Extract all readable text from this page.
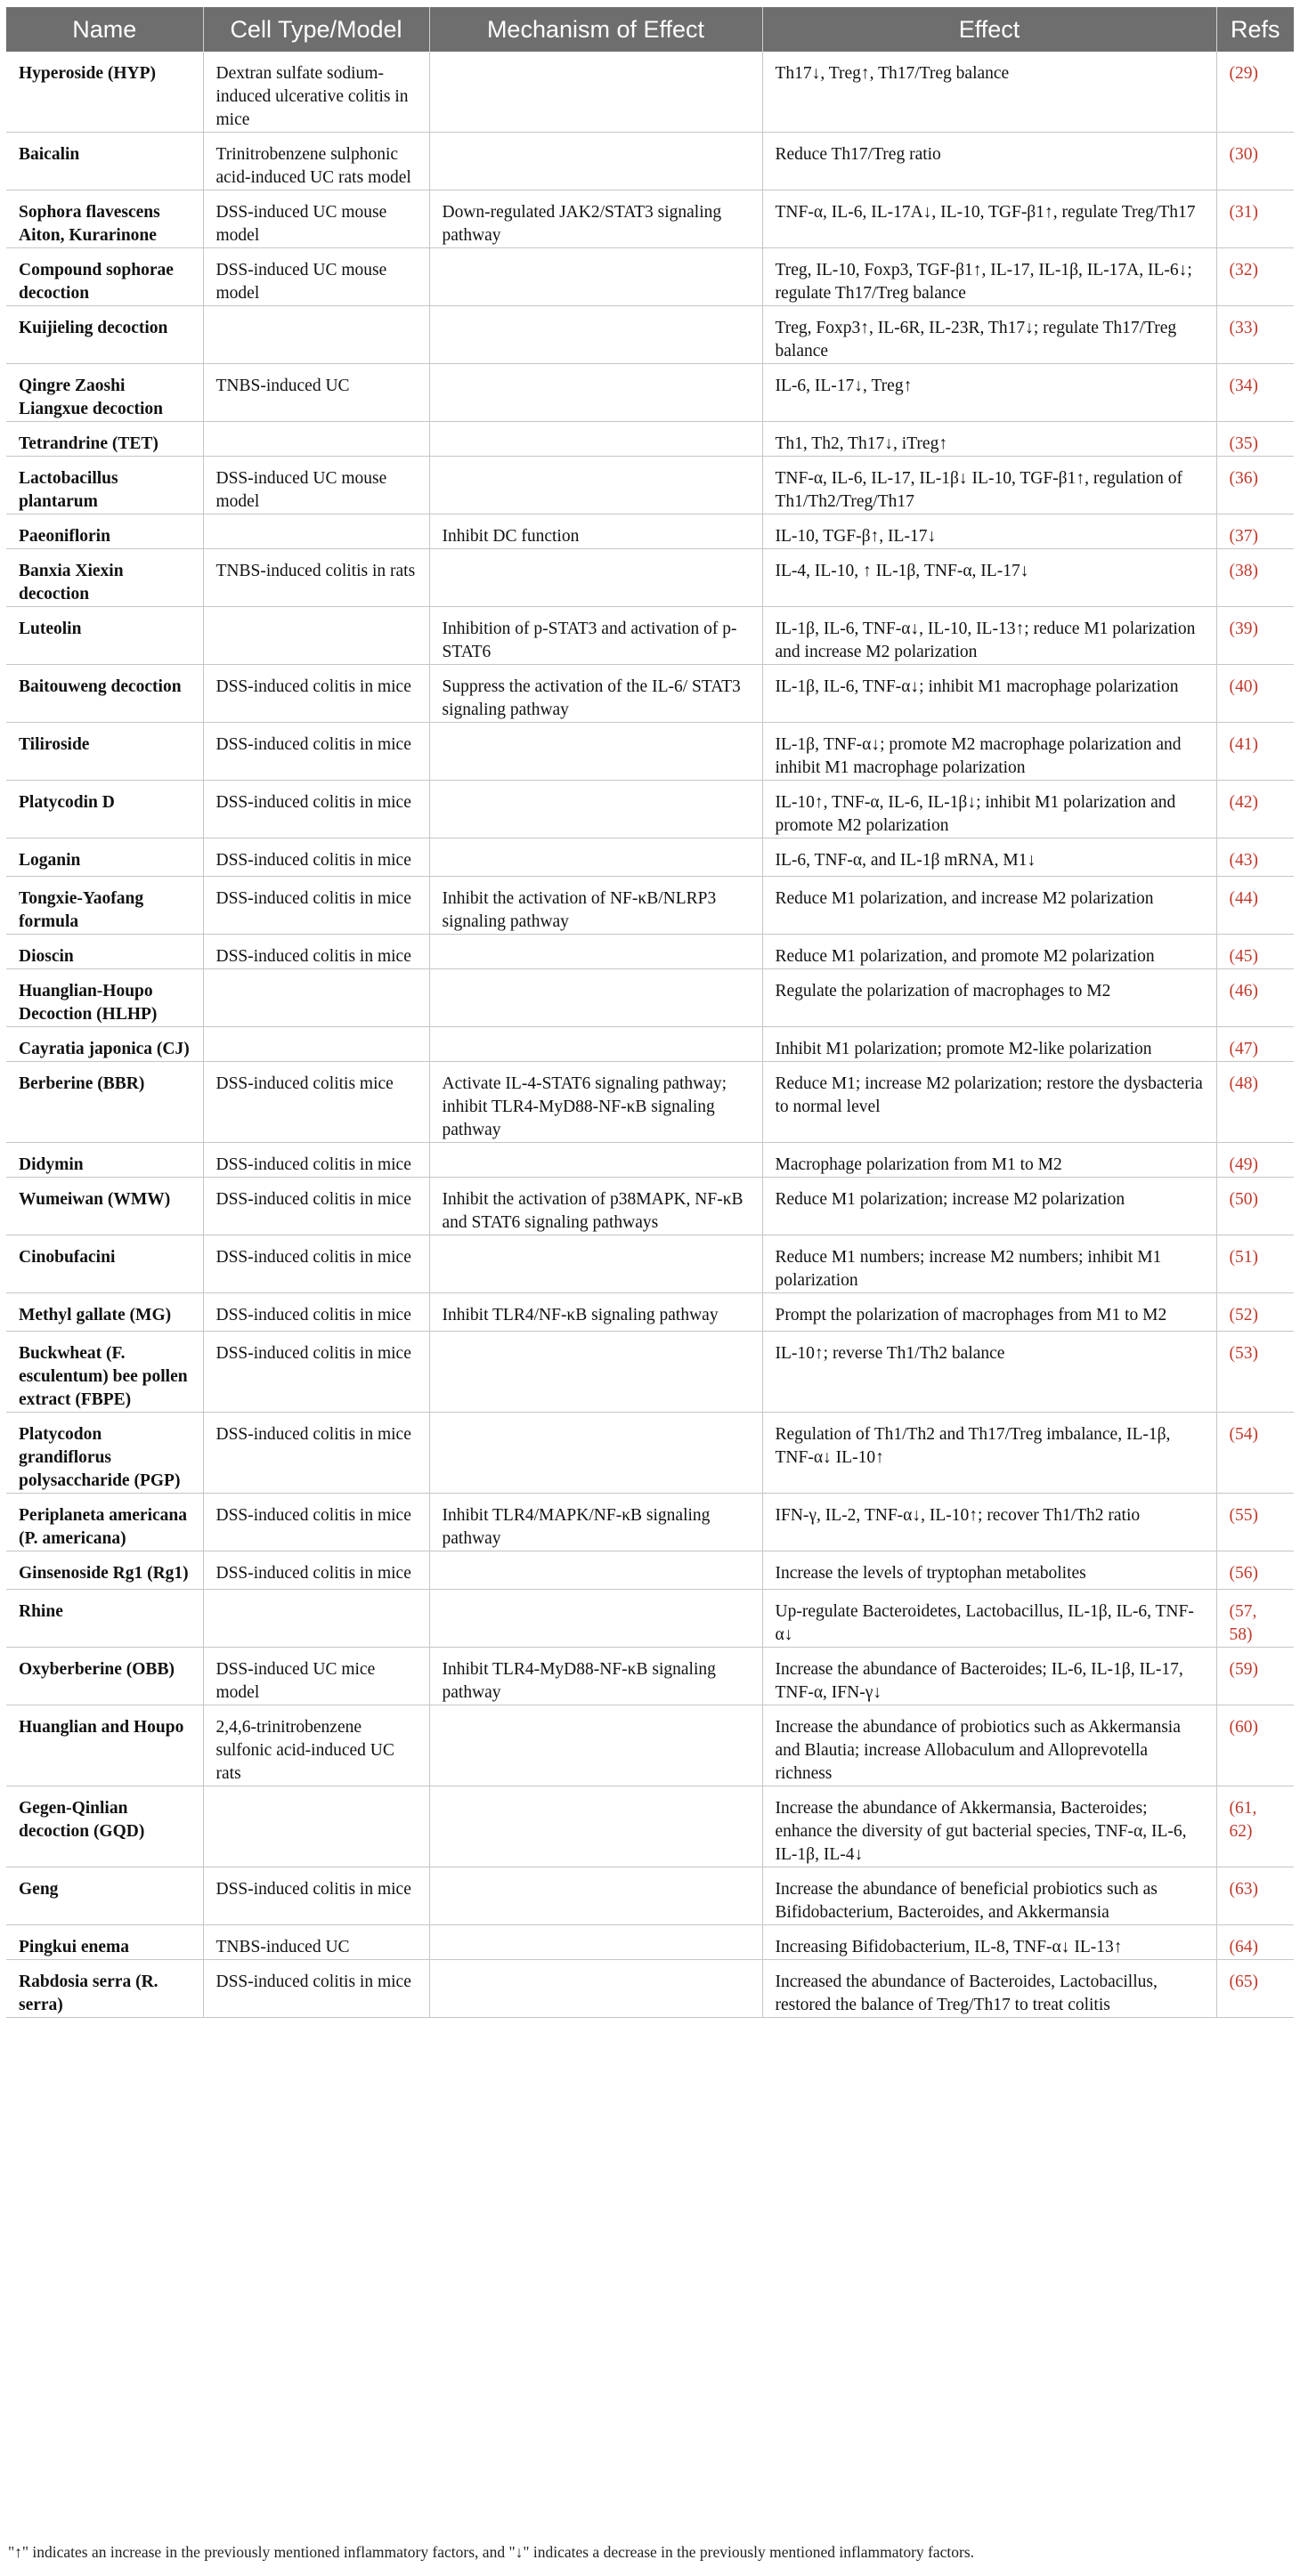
Name	Cell Type/Model	Mechanism of Effect	Effect	Refs
Hyperoside (HYP)	Dextran sulfate sodium-induced ulcerative colitis in mice		Th17↓, Treg↑, Th17/Treg balance	(29)
Baicalin	Trinitrobenzene sulphonic acid-induced UC rats model		Reduce Th17/Treg ratio	(30)
Sophora flavescens Aiton, Kurarinone	DSS-induced UC mouse model	Down-regulated JAK2/STAT3 signaling pathway	TNF-α, IL-6, IL-17A↓, IL-10, TGF-β1↑, regulate Treg/Th17	(31)
Compound sophorae decoction	DSS-induced UC mouse model		Treg, IL-10, Foxp3, TGF-β1↑, IL-17, IL-1β, IL-17A, IL-6↓; regulate Th17/Treg balance	(32)
Kuijieling decoction			Treg, Foxp3↑, IL-6R, IL-23R, Th17↓; regulate Th17/Treg balance	(33)
Qingre Zaoshi Liangxue decoction	TNBS-induced UC		IL-6, IL-17↓, Treg↑	(34)
Tetrandrine (TET)			Th1, Th2, Th17↓, iTreg↑	(35)
Lactobacillus plantarum	DSS-induced UC mouse model		TNF-α, IL-6, IL-17, IL-1β↓ IL-10, TGF-β1↑, regulation of Th1/Th2/Treg/Th17	(36)
Paeoniflorin		Inhibit DC function	IL-10, TGF-β↑, IL-17↓	(37)
Banxia Xiexin decoction	TNBS-induced colitis in rats		IL-4, IL-10, ↑ IL-1β, TNF-α, IL-17↓	(38)
Luteolin		Inhibition of p-STAT3 and activation of p-STAT6	IL-1β, IL-6, TNF-α↓, IL-10, IL-13↑; reduce M1 polarization and increase M2 polarization	(39)
Baitouweng decoction	DSS-induced colitis in mice	Suppress the activation of the IL-6/ STAT3 signaling pathway	IL-1β, IL-6, TNF-α↓; inhibit M1 macrophage polarization	(40)
Tiliroside	DSS-induced colitis in mice		IL-1β, TNF-α↓; promote M2 macrophage polarization and inhibit M1 macrophage polarization	(41)
Platycodin D	DSS-induced colitis in mice		IL-10↑, TNF-α, IL-6, IL-1β↓; inhibit M1 polarization and promote M2 polarization	(42)
Loganin	DSS-induced colitis in mice		IL-6, TNF-α, and IL-1β mRNA, M1↓	(43)
Tongxie-Yaofang formula	DSS-induced colitis in mice	Inhibit the activation of NF-κB/NLRP3 signaling pathway	Reduce M1 polarization, and increase M2 polarization	(44)
Dioscin	DSS-induced colitis in mice		Reduce M1 polarization, and promote M2 polarization	(45)
Huanglian-Houpo Decoction (HLHP)			Regulate the polarization of macrophages to M2	(46)
Cayratia japonica (CJ)			Inhibit M1 polarization; promote M2-like polarization	(47)
Berberine (BBR)	DSS-induced colitis mice	Activate IL-4-STAT6 signaling pathway; inhibit TLR4-MyD88-NF-κB signaling pathway	Reduce M1; increase M2 polarization; restore the dysbacteria to normal level	(48)
Didymin	DSS-induced colitis in mice		Macrophage polarization from M1 to M2	(49)
Wumeiwan (WMW)	DSS-induced colitis in mice	Inhibit the activation of p38MAPK, NF-κB and STAT6 signaling pathways	Reduce M1 polarization; increase M2 polarization	(50)
Cinobufacini	DSS-induced colitis in mice		Reduce M1 numbers; increase M2 numbers; inhibit M1 polarization	(51)
Methyl gallate (MG)	DSS-induced colitis in mice	Inhibit TLR4/NF-κB signaling pathway	Prompt the polarization of macrophages from M1 to M2	(52)
Buckwheat (F. esculentum) bee pollen extract (FBPE)	DSS-induced colitis in mice		IL-10↑; reverse Th1/Th2 balance	(53)
Platycodon grandiflorus polysaccharide (PGP)	DSS-induced colitis in mice		Regulation of Th1/Th2 and Th17/Treg imbalance, IL-1β, TNF-α↓ IL-10↑	(54)
Periplaneta americana (P. americana)	DSS-induced colitis in mice	Inhibit TLR4/MAPK/NF-κB signaling pathway	IFN-γ, IL-2, TNF-α↓, IL-10↑; recover Th1/Th2 ratio	(55)
Ginsenoside Rg1 (Rg1)	DSS-induced colitis in mice		Increase the levels of tryptophan metabolites	(56)
Rhine			Up-regulate Bacteroidetes, Lactobacillus, IL-1β, IL-6, TNF-α↓	(57, 58)
Oxyberberine (OBB)	DSS-induced UC mice model	Inhibit TLR4-MyD88-NF-κB signaling pathway	Increase the abundance of Bacteroides; IL-6, IL-1β, IL-17, TNF-α, IFN-γ↓	(59)
Huanglian and Houpo	2,4,6-trinitrobenzene sulfonic acid-induced UC rats		Increase the abundance of probiotics such as Akkermansia and Blautia; increase Allobaculum and Alloprevotella richness	(60)
Gegen-Qinlian decoction (GQD)			Increase the abundance of Akkermansia, Bacteroides; enhance the diversity of gut bacterial species, TNF-α, IL-6, IL-1β, IL-4↓	(61, 62)
Geng	DSS-induced colitis in mice		Increase the abundance of beneficial probiotics such as Bifidobacterium, Bacteroides, and Akkermansia	(63)
Pingkui enema	TNBS-induced UC		Increasing Bifidobacterium, IL-8, TNF-α↓ IL-13↑	(64)
Rabdosia serra (R. serra)	DSS-induced colitis in mice		Increased the abundance of Bacteroides, Lactobacillus, restored the balance of Treg/Th17 to treat colitis	(65)
"↑" indicates an increase in the previously mentioned inflammatory factors, and "↓" indicates a decrease in the previously mentioned inflammatory factors.
